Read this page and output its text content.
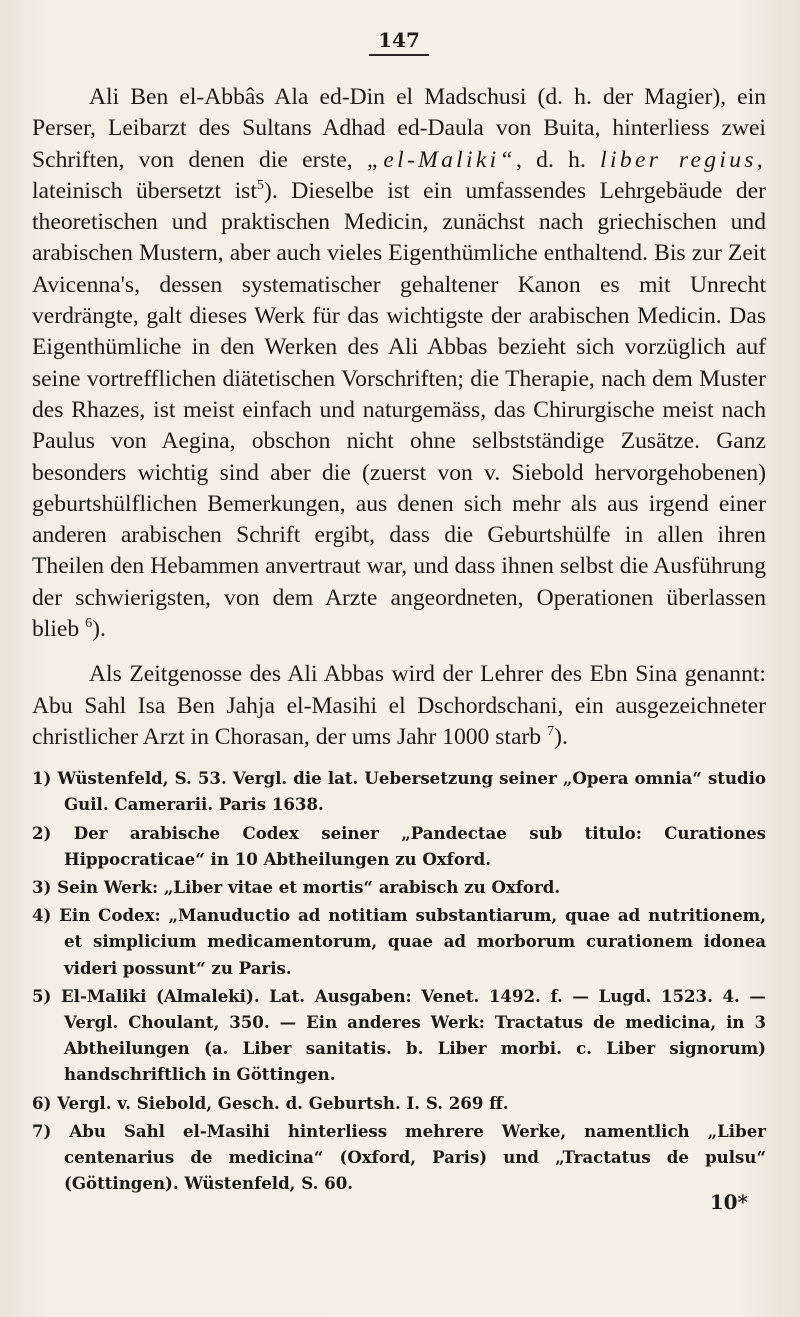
147

Ali Ben el-Abbâs Ala ed-Din el Madschusi (d. h. der Magier), ein Perser, Leibarzt des Sultans Adhad ed-Daula von Buita, hinterliess zwei Schriften, von denen die erste, „el-Maliki“, d. h. liber regius, lateinisch übersetzt ist$^5$). Dieselbe ist ein umfassendes Lehrgebäude der theoretischen und praktischen Medicin, zunächst nach griechischen und arabischen Mustern, aber auch vieles Eigenthümliche enthaltend. Bis zur Zeit Avicenna's, dessen systematischer gehaltener Kanon es mit Unrecht verdrängte, galt dieses Werk für das wichtigste der arabischen Medicin. Das Eigenthümliche in den Werken des Ali Abbas bezieht sich vorzüglich auf seine vortrefflichen diätetischen Vorschriften; die Therapie, nach dem Muster des Rhazes, ist meist einfach und naturgemäss, das Chirurgische meist nach Paulus von Aegina, obschon nicht ohne selbstständige Zusätze. Ganz besonders wichtig sind aber die (zuerst von v. Siebold hervorgehobenen) geburtshülflichen Bemerkungen, aus denen sich mehr als aus irgend einer anderen arabischen Schrift ergibt, dass die Geburtshülfe in allen ihren Theilen den Hebammen anvertraut war, und dass ihnen selbst die Ausführung der schwierigsten, von dem Arzte angeordneten, Operationen überlassen blieb $^6$).

Als Zeitgenosse des Ali Abbas wird der Lehrer des Ebn Sina genannt: Abu Sahl Isa Ben Jahja el-Masihi el Dschordschani, ein ausgezeichneter christlicher Arzt in Chorasan, der ums Jahr 1000 starb $^7$).

1) Wüstenfeld, S. 53. Vergl. die lat. Uebersetzung seiner „Opera omnia“ studio Guil. Camerarii. Paris 1638.

2) Der arabische Codex seiner „Pandectae sub titulo: Curationes Hippocraticae“ in 10 Abtheilungen zu Oxford.

3) Sein Werk: „Liber vitae et mortis“ arabisch zu Oxford.

4) Ein Codex: „Manuductio ad notitiam substantiarum, quae ad nutritionem, et simplicium medicamentorum, quae ad morborum curationem idonea videri possunt“ zu Paris.

5) El-Maliki (Almaleki). Lat. Ausgaben: Venet. 1492. f. — Lugd. 1523. 4. — Vergl. Choulant, 350. — Ein anderes Werk: Tractatus de medicina, in 3 Abtheilungen (a. Liber sanitatis. b. Liber morbi. c. Liber signorum) handschriftlich in Göttingen.

6) Vergl. v. Siebold, Gesch. d. Geburtsh. I. S. 269 ff.

7) Abu Sahl el-Masihi hinterliess mehrere Werke, namentlich „Liber centenarius de medicina“ (Oxford, Paris) und „Tractatus de pulsu“ (Göttingen). Wüstenfeld, S. 60.

10*
